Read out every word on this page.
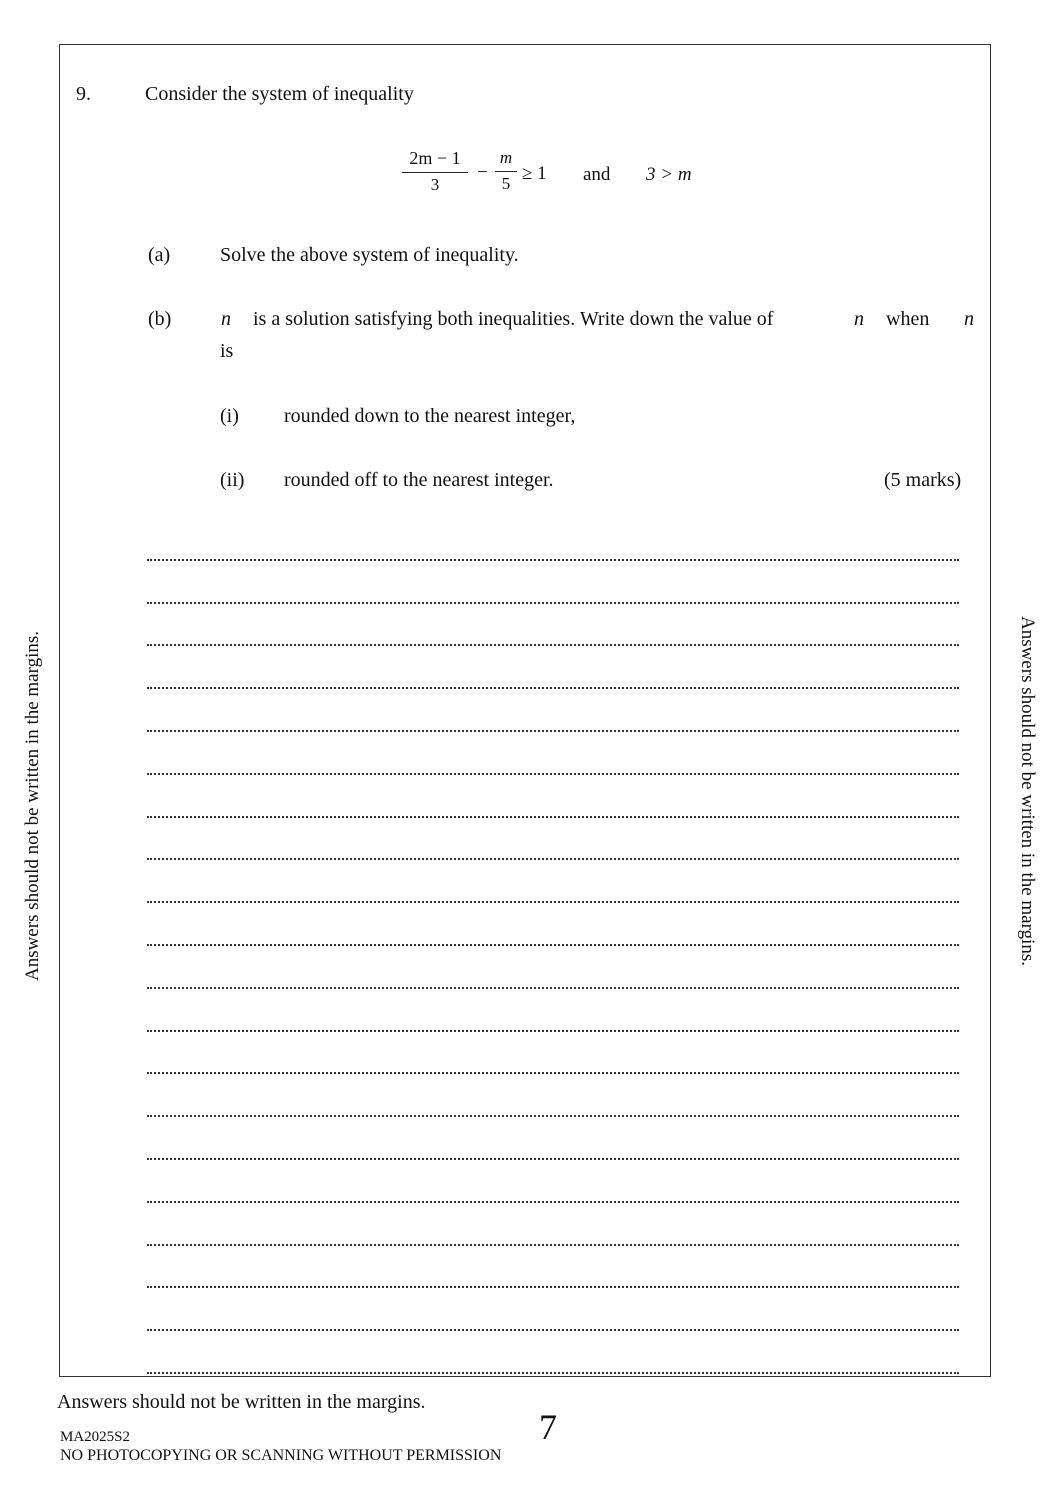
Answers should not be written in the margins.	Answers should not be written in the margins.
9.	Consider the system of inequality
2m − 1
3
−
m
5 ≥ 1 and 3 > m
(a) Solve the above system of inequality.
(b) n is a solution satisfying both inequalities. Write down the value of	n when n
is
(i) rounded down to the nearest integer,
(ii) rounded off to the nearest integer.	(5 marks)
Answers should not be written in the margins.
MA2025S2
NO PHOTOCOPYING OR SCANNING WITHOUT PERMISSION
7
